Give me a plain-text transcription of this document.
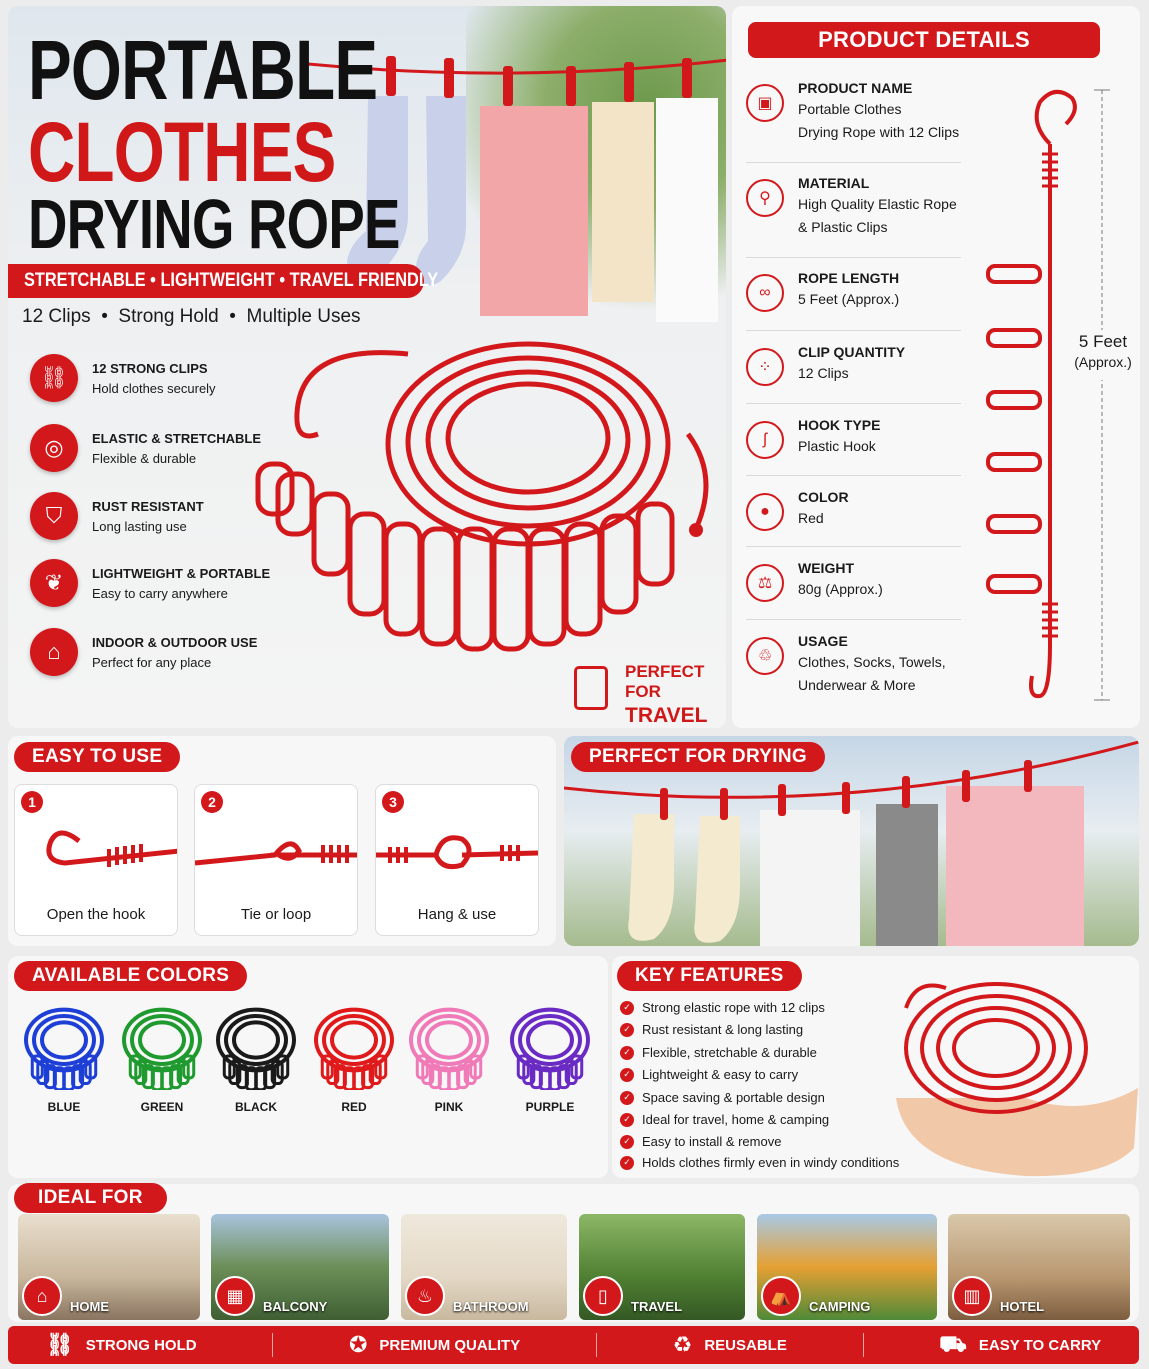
PORTABLE
CLOTHES
DRYING ROPE
STRETCHABLE • LIGHTWEIGHT • TRAVEL FRIENDLY
12 Clips  •  Strong Hold  •  Multiple Uses
⛓	12 STRONG CLIPS
Hold clothes securely
◎	ELASTIC & STRETCHABLE
Flexible & durable
⛉	RUST RESISTANT
Long lasting use
❦	LIGHTWEIGHT & PORTABLE
Easy to carry anywhere
⌂	INDOOR & OUTDOOR USE
Perfect for any place	PERFECT FOR
TRAVEL
PRODUCT DETAILS
▣
PRODUCT NAME
Portable Clothes
Drying Rope with 12 Clips
⚲
MATERIAL
High Quality Elastic Rope
& Plastic Clips
∞
ROPE LENGTH
5 Feet (Approx.)
⁘
CLIP QUANTITY
12 Clips
ʃ
HOOK TYPE
Plastic Hook
●
COLOR
Red
⚖
WEIGHT
80g (Approx.)
♲
USAGE
Clothes, Socks, Towels,
Underwear & More
5 Feet
(Approx.)
EASY TO USE
1
Open the hook
2
Tie or loop
3
Hang & use
PERFECT FOR DRYING
AVAILABLE COLORS
BLUE	GREEN	BLACK	RED	PINK	PURPLE
KEY FEATURES
✓ Strong elastic rope with 12 clips
✓ Rust resistant & long lasting
✓ Flexible, stretchable & durable
✓ Lightweight & easy to carry
✓ Space saving & portable design
✓ Ideal for travel, home & camping
✓ Easy to install & remove
✓ Holds clothes firmly even in windy conditions
IDEAL FOR
⌂
HOME
▦
BALCONY
♨
BATHROOM
▯
TRAVEL
⛺
CAMPING
▥
HOTEL
⛓ STRONG HOLD	✪ PREMIUM QUALITY	♻ REUSABLE	⛟ EASY TO CARRY
